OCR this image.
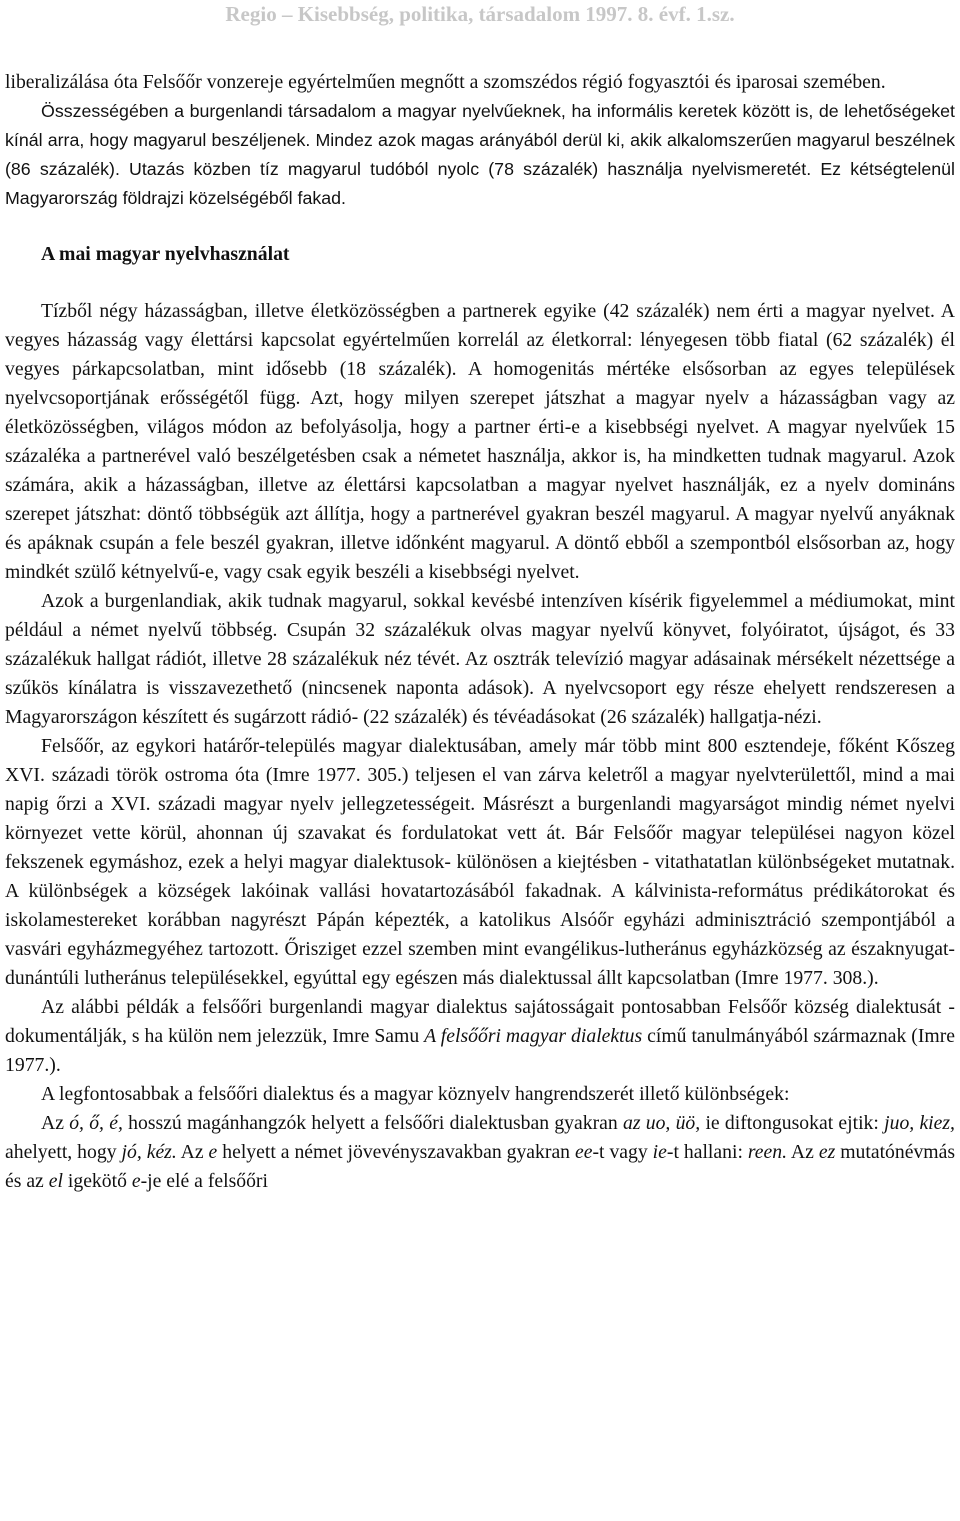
Regio – Kisebbség, politika, társadalom 1997. 8. évf. 1.sz.

liberalizálása óta Felsőőr vonzereje egyértelműen megnőtt a szomszédos régió fogyasztói és iparosai szemében.

Összességében a burgenlandi társadalom a magyar nyelvűeknek, ha informális keretek között is, de lehetőségeket kínál arra, hogy magyarul beszéljenek. Mindez azok magas arányából derül ki, akik alkalomszerűen magyarul beszélnek (86 százalék). Utazás közben tíz magyarul tudóból nyolc (78 százalék) használja nyelvismeretét. Ez kétségtelenül Magyarország földrajzi közelségéből fakad.

A mai magyar nyelvhasználat

Tízből négy házasságban, illetve életközösségben a partnerek egyike (42 százalék) nem érti a magyar nyelvet. A vegyes házasság vagy élettársi kapcsolat egyértelműen korrelál az életkorral: lényegesen több fiatal (62 százalék) él vegyes párkapcsolatban, mint idősebb (18 százalék). A homogenitás mértéke elsősorban az egyes települések nyelvcsoportjának erősségétől függ. Azt, hogy milyen szerepet játszhat a magyar nyelv a házasságban vagy az életközösségben, világos módon az befolyásolja, hogy a partner érti-e a kisebbségi nyelvet. A magyar nyelvűek 15 százaléka a partnerével való beszélgetésben csak a németet használja, akkor is, ha mindketten tudnak magyarul. Azok számára, akik a házasságban, illetve az élettársi kapcsolatban a magyar nyelvet használják, ez a nyelv domináns szerepet játszhat: döntő többségük azt állítja, hogy a partnerével gyakran beszél magyarul. A magyar nyelvű anyáknak és apáknak csupán a fele beszél gyakran, illetve időnként magyarul. A döntő ebből a szempontból elsősorban az, hogy mindkét szülő kétnyelvű-e, vagy csak egyik beszéli a kisebbségi nyelvet.

Azok a burgenlandiak, akik tudnak magyarul, sokkal kevésbé intenzíven kísérik figyelemmel a médiumokat, mint például a német nyelvű többség. Csupán 32 százalékuk olvas magyar nyelvű könyvet, folyóiratot, újságot, és 33 százalékuk hallgat rádiót, illetve 28 százalékuk néz tévét. Az osztrák televízió magyar adásainak mérsékelt nézettsége a szűkös kínálatra is visszavezethető (nincsenek naponta adások). A nyelvcsoport egy része ehelyett rendszeresen a Magyarországon készített és sugárzott rádió- (22 százalék) és tévéadásokat (26 százalék) hallgatja-nézi.

Felsőőr, az egykori határőr-település magyar dialektusában, amely már több mint 800 esztendeje, főként Kőszeg XVI. századi török ostroma óta (Imre 1977. 305.) teljesen el van zárva keletről a magyar nyelvterülettől, mind a mai napig őrzi a XVI. századi magyar nyelv jellegzetességeit. Másrészt a burgenlandi magyarságot mindig német nyelvi környezet vette körül, ahonnan új szavakat és fordulatokat vett át. Bár Felsőőr magyar települései nagyon közel fekszenek egymáshoz, ezek a helyi magyar dialektusok- különösen a kiejtésben - vitathatatlan különbségeket mutatnak. A különbségek a községek lakóinak vallási hovatartozásából fakadnak. A kálvinista-református prédikátorokat és iskolamestereket korábban nagyrészt Pápán képezték, a katolikus Alsóőr egyházi adminisztráció szempontjából a vasvári egyházmegyéhez tartozott. Őrisziget ezzel szemben mint evangélikus-lutheránus egyházközség az északnyugat-dunántúli lutheránus településekkel, egyúttal egy egészen más dialektussal állt kapcsolatban (Imre 1977. 308.).

Az alábbi példák a felsőőri burgenlandi magyar dialektus sajátosságait pontosabban Felsőőr község dialektusát - dokumentálják, s ha külön nem jelezzük, Imre Samu A felsőőri magyar dialektus című tanulmányából származnak (Imre 1977.).

A legfontosabbak a felsőőri dialektus és a magyar köznyelv hangrendszerét illető különbségek:

Az ó, ő, é, hosszú magánhangzók helyett a felsőőri dialektusban gyakran az uo, üö, ie diftongusokat ejtik: juo, kiez, ahelyett, hogy jó, kéz. Az e helyett a német jövevényszavakban gyakran ee-t vagy ie-t hallani: reen. Az ez mutatónévmás és az el igekötő e-je elé a felsőőri
